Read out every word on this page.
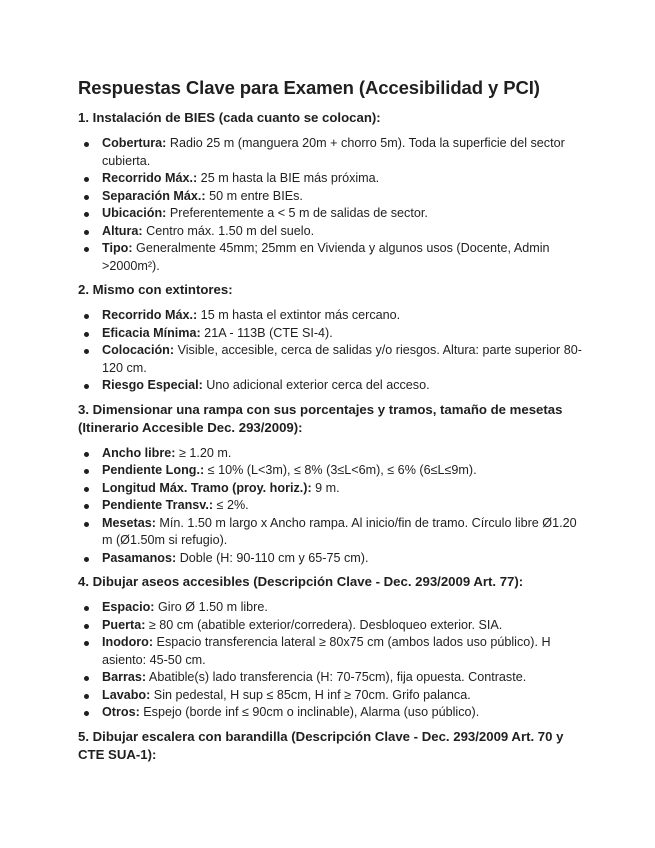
Respuestas Clave para Examen (Accesibilidad y PCI)
1. Instalación de BIES (cada cuanto se colocan):
Cobertura: Radio 25 m (manguera 20m + chorro 5m). Toda la superficie del sector cubierta.
Recorrido Máx.: 25 m hasta la BIE más próxima.
Separación Máx.: 50 m entre BIEs.
Ubicación: Preferentemente a < 5 m de salidas de sector.
Altura: Centro máx. 1.50 m del suelo.
Tipo: Generalmente 45mm; 25mm en Vivienda y algunos usos (Docente, Admin >2000m²).
2. Mismo con extintores:
Recorrido Máx.: 15 m hasta el extintor más cercano.
Eficacia Mínima: 21A - 113B (CTE SI-4).
Colocación: Visible, accesible, cerca de salidas y/o riesgos. Altura: parte superior 80-120 cm.
Riesgo Especial: Uno adicional exterior cerca del acceso.
3. Dimensionar una rampa con sus porcentajes y tramos, tamaño de mesetas (Itinerario Accesible Dec. 293/2009):
Ancho libre: ≥ 1.20 m.
Pendiente Long.: ≤ 10% (L<3m), ≤ 8% (3≤L<6m), ≤ 6% (6≤L≤9m).
Longitud Máx. Tramo (proy. horiz.): 9 m.
Pendiente Transv.: ≤ 2%.
Mesetas: Mín. 1.50 m largo x Ancho rampa. Al inicio/fin de tramo. Círculo libre Ø1.20 m (Ø1.50m si refugio).
Pasamanos: Doble (H: 90-110 cm y 65-75 cm).
4. Dibujar aseos accesibles (Descripción Clave - Dec. 293/2009 Art. 77):
Espacio: Giro Ø 1.50 m libre.
Puerta: ≥ 80 cm (abatible exterior/corredera). Desbloqueo exterior. SIA.
Inodoro: Espacio transferencia lateral ≥ 80x75 cm (ambos lados uso público). H asiento: 45-50 cm.
Barras: Abatible(s) lado transferencia (H: 70-75cm), fija opuesta. Contraste.
Lavabo: Sin pedestal, H sup ≤ 85cm, H inf ≥ 70cm. Grifo palanca.
Otros: Espejo (borde inf ≤ 90cm o inclinable), Alarma (uso público).
5. Dibujar escalera con barandilla (Descripción Clave - Dec. 293/2009 Art. 70 y CTE SUA-1):
